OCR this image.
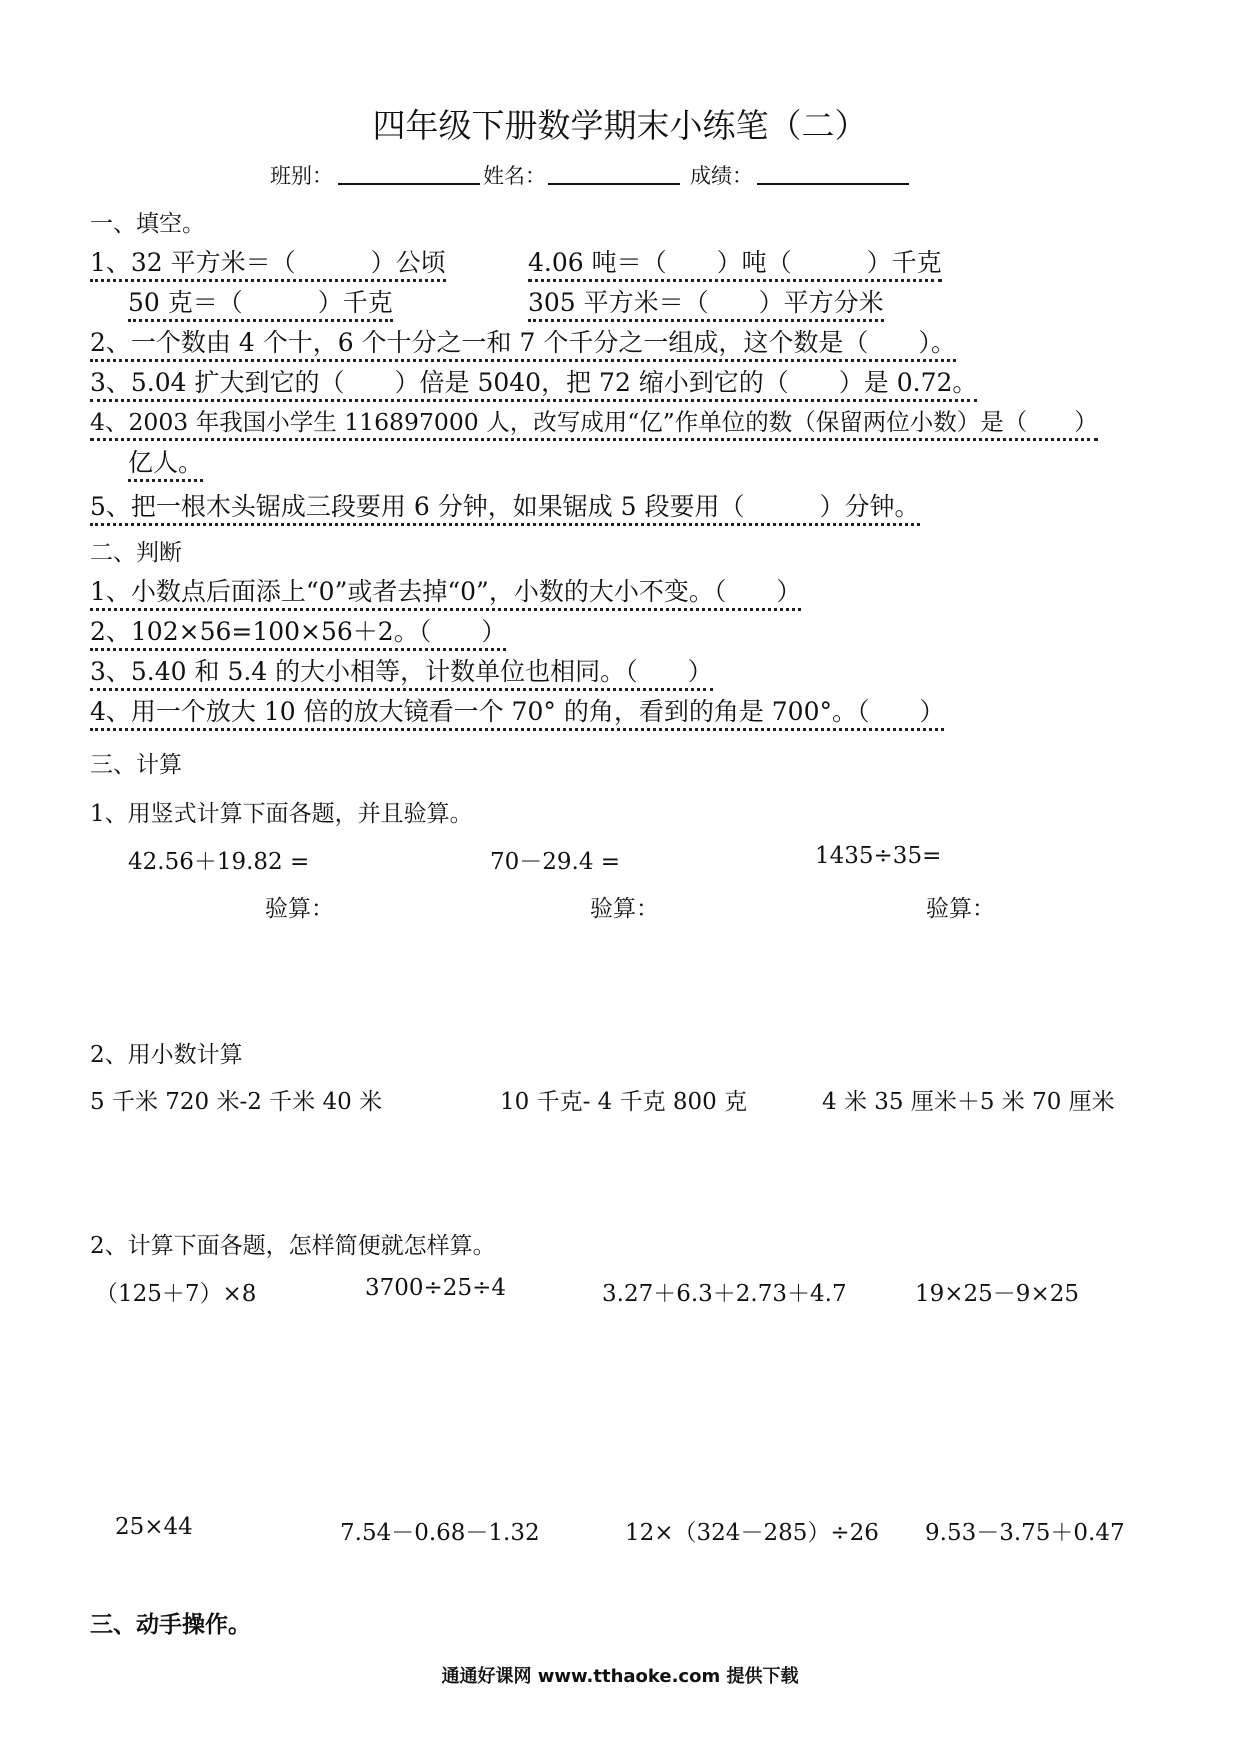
四年级下册数学期末小练笔（二）
班别：	姓名：	成绩：
一、填空。
1、32 平方米＝（　　　）公顷	4.06 吨＝（　　）吨（　　　）千克
50 克＝（　　　）千克	305 平方米＝（　　）平方分米
2、一个数由 4 个十，6 个十分之一和 7 个千分之一组成，这个数是（　　）。
3、5.04 扩大到它的（　　）倍是 5040，把 72 缩小到它的（　　）是 0.72。
4、2003 年我国小学生 116897000 人，改写成用“亿”作单位的数（保留两位小数）是（　　）
亿人。
5、把一根木头锯成三段要用 6 分钟，如果锯成 5 段要用（　　　）分钟。
二、判断
1、小数点后面添上“0”或者去掉“0”，小数的大小不变。（　　）
2、102×56=100×56＋2。（　　）
3、5.40 和 5.4 的大小相等，计数单位也相同。（　　）
4、用一个放大 10 倍的放大镜看一个 70° 的角，看到的角是 700°。（　　）
三、计算
1、用竖式计算下面各题，并且验算。
42.56＋19.82 =	70－29.4 =	1435÷35=
验算：	验算：	验算：
2、用小数计算
5 千米 720 米-2 千米 40 米	10 千克- 4 千克 800 克	4 米 35 厘米＋5 米 70 厘米
2、计算下面各题，怎样简便就怎样算。
（125＋7）×8	3700÷25÷4	3.27＋6.3＋2.73＋4.7	19×25－9×25
25×44	7.54－0.68－1.32	12×（324－285）÷26 9.53－3.75＋0.47
三、动手操作。
通通好课网 www.tthaoke.com 提供下载
